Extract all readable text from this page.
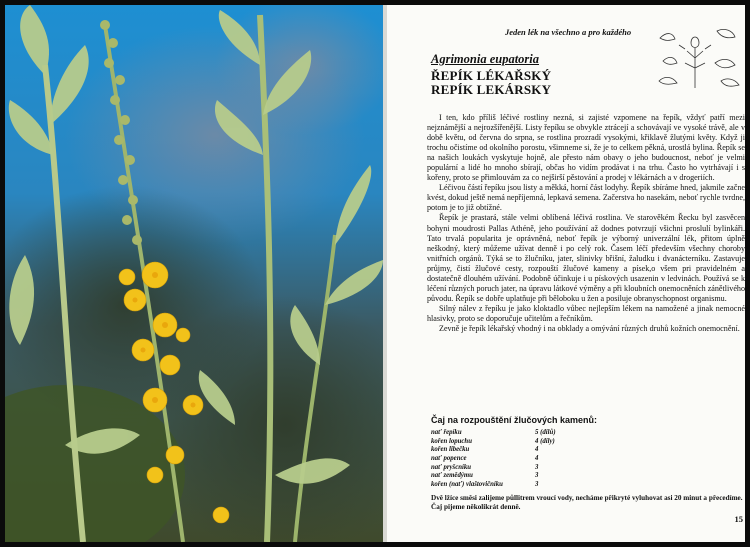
Jeden lék na všechno a pro každého
Agrimonia eupatoria
ŘEPÍK LÉKAŘSKÝ
REPÍK LEKÁRSKY

I ten, kdo příliš léčivé rostliny nezná, si zajisté vzpomene na řepík, vždyť patří mezi nejznámější a nejrozšířenější. Listy řepíku se obvykle ztrácejí a schovávají ve vysoké trávě, ale v době květu, od června do srpna, se rostlina prozradí vysokými, křiklavě žlutými květy. Když ji trochu očistíme od okolního porostu, všimneme si, že je to celkem pěkná, urostlá bylina. Řepík se na našich loukách vyskytuje hojně, ale přesto nám obavy o jeho budoucnost, neboť je velmi populární a lidé ho mnoho sbírají, občas ho vidím prodávat i na trhu. Často ho vytrhávají i s kořeny, proto se přimlouvám za co nejširší pěstování a prodej v lékárnách a v drogeriích.

Léčivou částí řepíku jsou listy a měkká, horní část lodyhy. Řepík sbíráme hned, jakmile začne kvést, dokud ještě nemá nepříjemná, lepkavá semena. Začerstva ho nasekám, neboť rychle tvrdne, potom je to již obtížné.

Řepík je prastará, stále velmi oblíbená léčivá rostlina. Ve starověkém Řecku byl zasvěcen bohyni moudrosti Pallas Athéně, jeho používání až dodnes potvrzují všichni proslulí bylinkáři. Tato trvalá popularita je oprávněná, neboť řepík je výborný univerzální lék, přitom úplně neškodný, který můžeme užívat denně i po celý rok. Časem léčí především všechny choroby vnitřních orgánů. Týká se to žlučníku, jater, slinivky břišní, žaludku i dvanácterníku. Zastavuje průjmy, čistí žlučové cesty, rozpouští žlučové kameny a písek,o všem pri pravidelném a dostatečně dlouhém užívání. Podobně účinkuje i u pískových usazenin v ledvinách. Používá se k léčení různých poruch jater, na úpravu látkové výměny a při kloubních onemocněních zánětlivého původu. Řepík se dobře uplatňuje při běloboku u žen a posiluje obranyschopnost organismu.

Silný nálev z řepíku je jako kloktadlo vůbec nejlepším lékem na namožené a jinak nemocné hlasivky, proto se doporučuje učitelům a řečníkům.

Zevně je řepík lékařský vhodný i na obklady a omývání různých druhů kožních onemocnění.

Čaj na rozpouštění žlučových kamenů:
nať řepíku	5 (dílů)
kořen lopuchu	4 (díly)
kořen libečku	4
nať popence	4
nať pryšcníku	3
nať zemědýmu	3
kořen (nať) vlaštovičníku	3
Dvě lžíce směsi zalijeme půllitrem vroucí vody, necháme přikryté vyluhovat asi 20 minut a přecedíme. Čaj pijeme několikrát denně.
15
